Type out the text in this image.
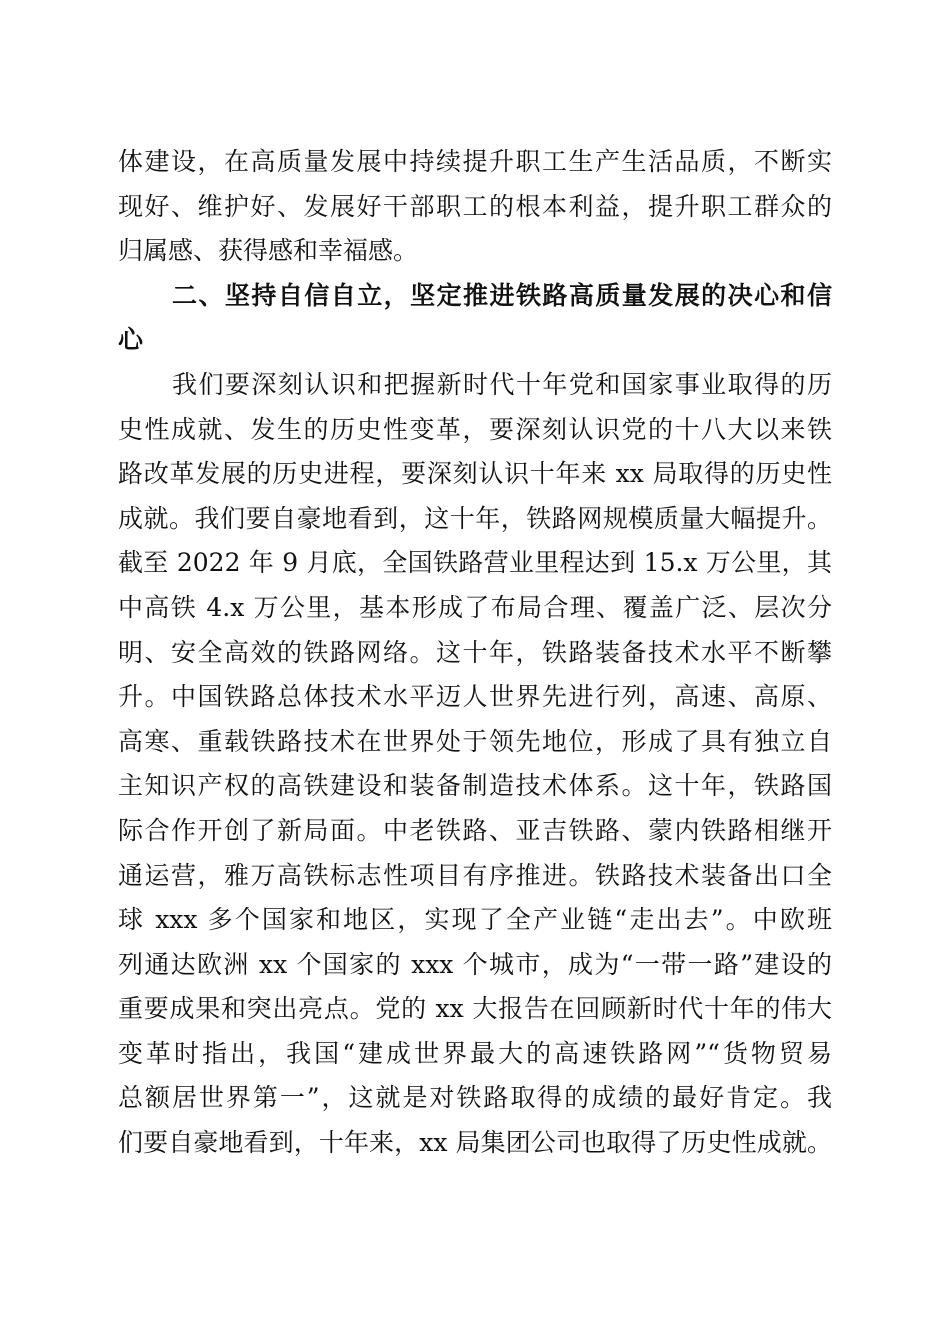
体建设，在高质量发展中持续提升职工生产生活品质，不断实
现好、维护好、发展好干部职工的根本利益，提升职工群众的
归属感、获得感和幸福感。
二、坚持自信自立，坚定推进铁路高质量发展的决心和信
心
我们要深刻认识和把握新时代十年党和国家事业取得的历
史性成就、发生的历史性变革，要深刻认识党的十八大以来铁
路改革发展的历史进程，要深刻认识十年来 xx 局取得的历史性
成就。我们要自豪地看到，这十年，铁路网规模质量大幅提升。
截至 2022 年 9 月底，全国铁路营业里程达到 15.x 万公里，其
中高铁 4.x 万公里，基本形成了布局合理、覆盖广泛、层次分
明、安全高效的铁路网络。这十年，铁路装备技术水平不断攀
升。中国铁路总体技术水平迈人世界先进行列，高速、高原、
高寒、重载铁路技术在世界处于领先地位，形成了具有独立自
主知识产权的高铁建设和装备制造技术体系。这十年，铁路国
际合作开创了新局面。中老铁路、亚吉铁路、蒙内铁路相继开
通运营，雅万高铁标志性项目有序推进。铁路技术装备出口全
球 xxx 多个国家和地区，实现了全产业链“走出去”。中欧班
列通达欧洲 xx 个国家的 xxx 个城市，成为“一带一路”建设的
重要成果和突出亮点。党的 xx 大报告在回顾新时代十年的伟大
变革时指出，我国“建成世界最大的高速铁路网”“货物贸易
总额居世界第一”，这就是对铁路取得的成绩的最好肯定。我
们要自豪地看到，十年来，xx 局集团公司也取得了历史性成就。
